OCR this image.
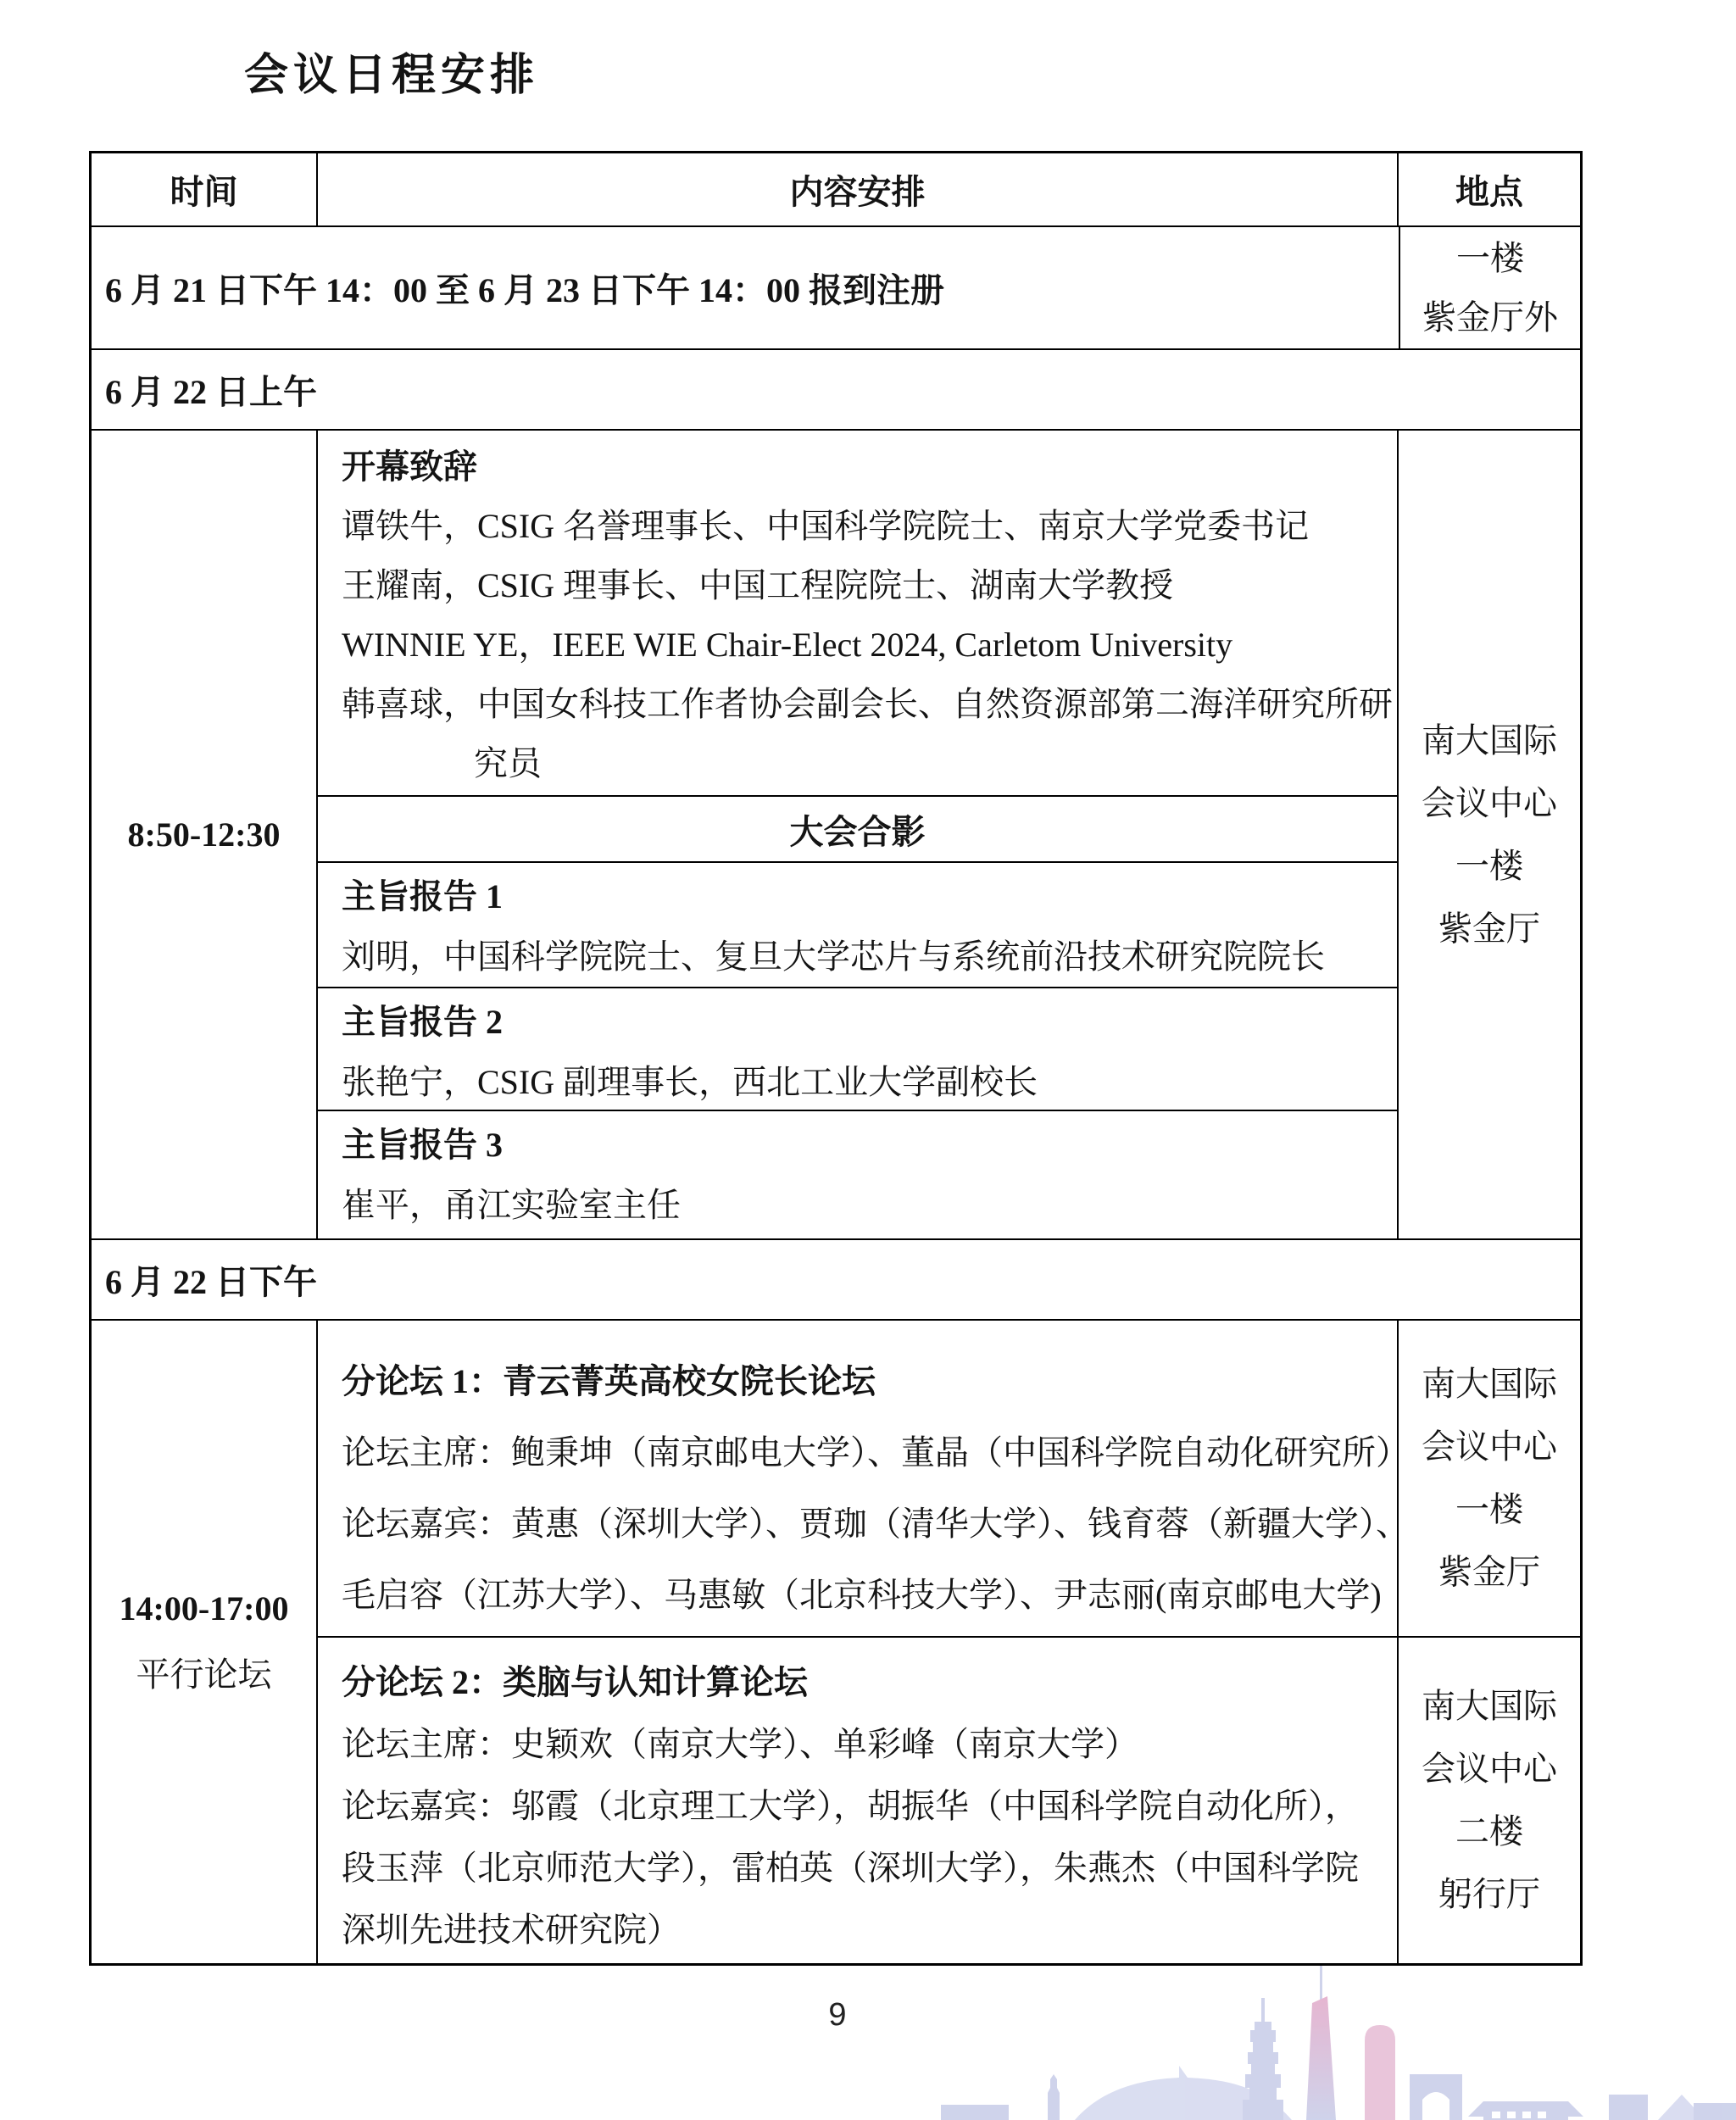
会议日程安排
时间	内容安排	地点
6 月 21 日下午 14：00 至 6 月 23 日下午 14：00 报到注册
一楼
紫金厅外
6 月 22 日上午
8:50-12:30
开幕致辞
谭铁牛，CSIG 名誉理事长、中国科学院院士、南京大学党委书记
王耀南，CSIG 理事长、中国工程院院士、湖南大学教授
WINNIE YE，IEEE WIE Chair-Elect 2024, Carletom University
韩喜球，中国女科技工作者协会副会长、自然资源部第二海洋研究所研
究员
大会合影
主旨报告 1
刘明，中国科学院院士、复旦大学芯片与系统前沿技术研究院院长
主旨报告 2
张艳宁，CSIG 副理事长，西北工业大学副校长
主旨报告 3
崔平，甬江实验室主任
南大国际
会议中心
一楼
紫金厅
6 月 22 日下午
14:00-17:00
平行论坛
分论坛 1：青云菁英高校女院长论坛
论坛主席：鲍秉坤（南京邮电大学）、董晶（中国科学院自动化研究所）
论坛嘉宾：黄惠（深圳大学）、贾珈（清华大学）、钱育蓉（新疆大学）、
毛启容（江苏大学）、马惠敏（北京科技大学）、尹志丽(南京邮电大学)
南大国际
会议中心
一楼
紫金厅
分论坛 2：类脑与认知计算论坛
论坛主席：史颖欢（南京大学）、单彩峰（南京大学）
论坛嘉宾：邬霞（北京理工大学），胡振华（中国科学院自动化所），
段玉萍（北京师范大学），雷柏英（深圳大学），朱燕杰（中国科学院
深圳先进技术研究院）
南大国际
会议中心
二楼
躬行厅
9
